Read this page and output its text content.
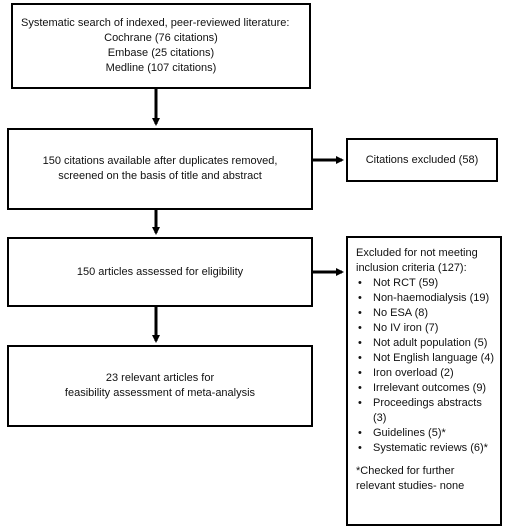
Systematic search of indexed, peer-reviewed literature:
Cochrane (76 citations)
Embase (25 citations)
Medline (107 citations)
150 citations available after duplicates removed,
screened on the basis of title and abstract
Citations excluded (58)
150 articles assessed for eligibility
23 relevant articles for
feasibility assessment of meta-analysis
Excluded for not meeting inclusion criteria (127):
• Not RCT (59)
• Non-haemodialysis (19)
• No ESA (8)
• No IV iron (7)
• Not adult population (5)
• Not English language (4)
• Iron overload (2)
• Irrelevant outcomes (9)
• Proceedings abstracts (3)
• Guidelines (5)*
• Systematic reviews (6)*
*Checked for further relevant studies- none
